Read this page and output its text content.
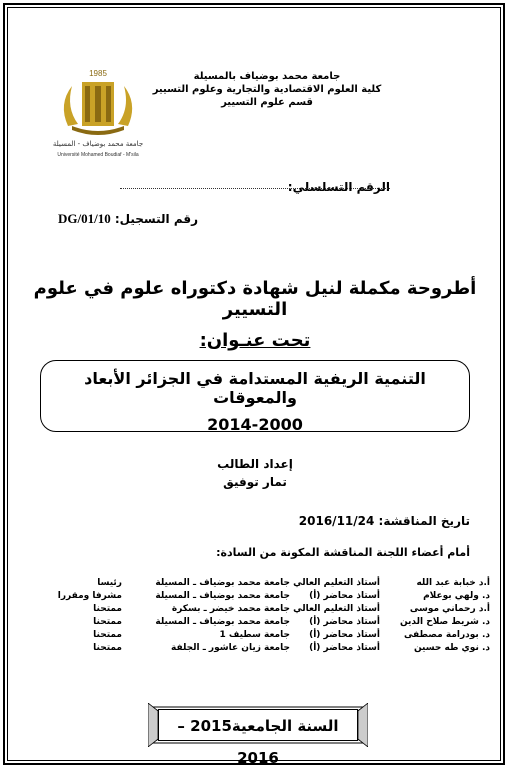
جامعة محمد بوضياف بالمسيلة
كلية العلوم الاقتصادية والتجارية وعلوم التسيير
قسم علوم التسيير
1985
جامعة محمد بوضياف - المسيلة
Université Mohamed Boudiaf - M'sila
الرقم التسلسلي:
رقم التسجيل:
DG/01/10
أطروحة مكملة لنيل شهادة دكتوراه علوم في علوم التسيير
تحت عنـوان:
التنمية الريفية المستدامة في الجزائر الأبعاد والمعوقات
2014-2000
إعداد الطالب
تمار توفيق
تاريخ المناقشة: 2016/11/24
أمام أعضاء اللجنة المناقشة المكونة من السادة:
أ.د خبابة عبد الله
أستاذ التعليم العالي
جامعة محمد بوضياف ـ المسيلة
رئيسا
د. ولهي بوعلام
أستاذ محاضر (أ)
جامعة محمد بوضياف ـ المسيلة
مشرفا ومقررا
أ.د رحماني موسى
أستاذ التعليم العالي
جامعة محمد خيضر ـ بسكرة
ممتحنا
د. شريط صلاح الدين
أستاذ محاضر (أ)
جامعة محمد بوضياف ـ المسيلة
ممتحنا
د. بودرامة مصطفى
أستاذ محاضر (أ)
جامعة سطيف 1
ممتحنا
د. نوي طه حسين
أستاذ محاضر (أ)
جامعة زيان عاشور ـ الجلفة
ممتحنا
السنة الجامعية2015 – 2016
